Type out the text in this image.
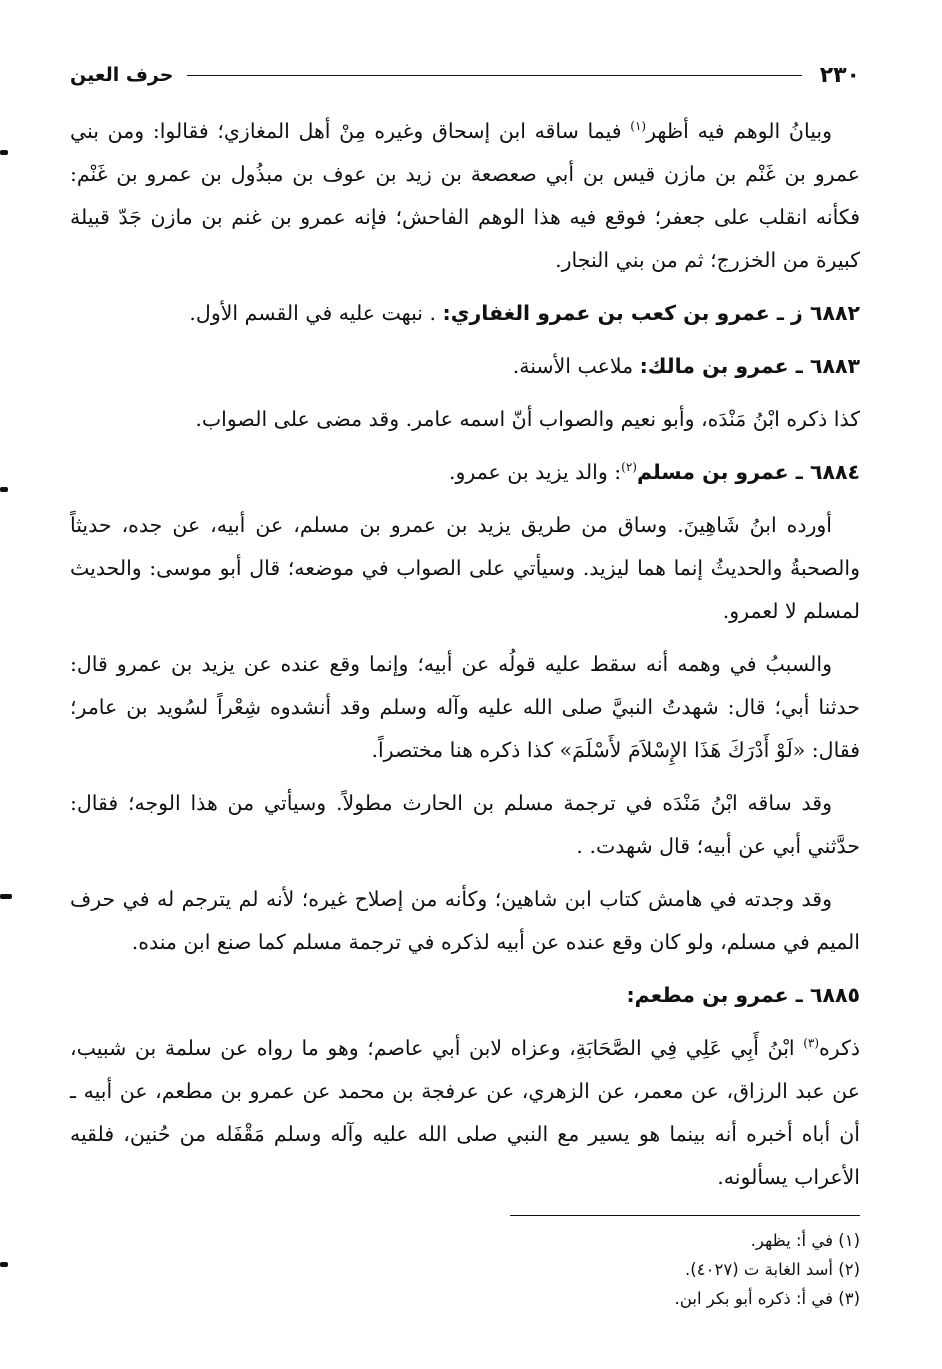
٢٣٠
حرف العين

وبيانُ الوهم فيه أظهر$^{(١)}$ فيما ساقه ابن إسحاق وغيره مِنْ أهل المغازي؛ فقالوا: ومن بني عمرو بن غَنْم بن مازن قيس بن أبي صعصعة بن زيد بن عوف بن مبذُول بن عمرو بن غَنْم: فكأنه انقلب على جعفر؛ فوقع فيه هذا الوهم الفاحش؛ فإنه عمرو بن غنم بن مازن جَدّ قبيلة كبيرة من الخزرج؛ ثم من بني النجار.

٦٨٨٢ ز ـ عمرو بن كعب بن عمرو الغفاري: . نبهت عليه في القسم الأول.

٦٨٨٣ ـ عمرو بن مالك: ملاعب الأسنة.

كذا ذكره ابْنُ مَنْدَه، وأبو نعيم والصواب أنّ اسمه عامر. وقد مضى على الصواب.

٦٨٨٤ ـ عمرو بن مسلم$^{(٢)}$: والد يزيد بن عمرو.

أورده ابنُ شَاهِينَ. وساق من طريق يزيد بن عمرو بن مسلم، عن أبيه، عن جده، حديثاً والصحبةُ والحديثُ إنما هما ليزيد. وسيأتي على الصواب في موضعه؛ قال أبو موسى: والحديث لمسلم لا لعمرو.

والسببُ في وهمه أنه سقط عليه قولُه عن أبيه؛ وإنما وقع عنده عن يزيد بن عمرو قال: حدثنا أبي؛ قال: شهدتُ النبيَّ صلى الله عليه وآله وسلم وقد أنشدوه شِعْراً لسُويد بن عامر؛ فقال: «لَوْ أَدْرَكَ هَذَا الإِسْلاَمَ لأَسْلَمَ» كذا ذكره هنا مختصراً.

وقد ساقه ابْنُ مَنْدَه في ترجمة مسلم بن الحارث مطولاً. وسيأتي من هذا الوجه؛ فقال: حدَّثني أبي عن أبيه؛ قال شهدت. .

وقد وجدته في هامش كتاب ابن شاهين؛ وكأنه من إصلاح غيره؛ لأنه لم يترجم له في حرف الميم في مسلم، ولو كان وقع عنده عن أبيه لذكره في ترجمة مسلم كما صنع ابن منده.

٦٨٨٥ ـ عمرو بن مطعم:

ذكره$^{(٣)}$ ابْنُ أَبِي عَلِي فِي الصَّحَابَةِ، وعزاه لابن أبي عاصم؛ وهو ما رواه عن سلمة بن شبيب، عن عبد الرزاق، عن معمر، عن الزهري، عن عرفجة بن محمد عن عمرو بن مطعم، عن أبيه ـ أن أباه أخبره أنه بينما هو يسير مع النبي صلى الله عليه وآله وسلم مَقْفَله من حُنين، فلقيه الأعراب يسألونه.

(١) في أ: يظهر.
(٢) أسد الغابة ت (٤٠٢٧).
(٣) في أ: ذكره أبو بكر ابن.
